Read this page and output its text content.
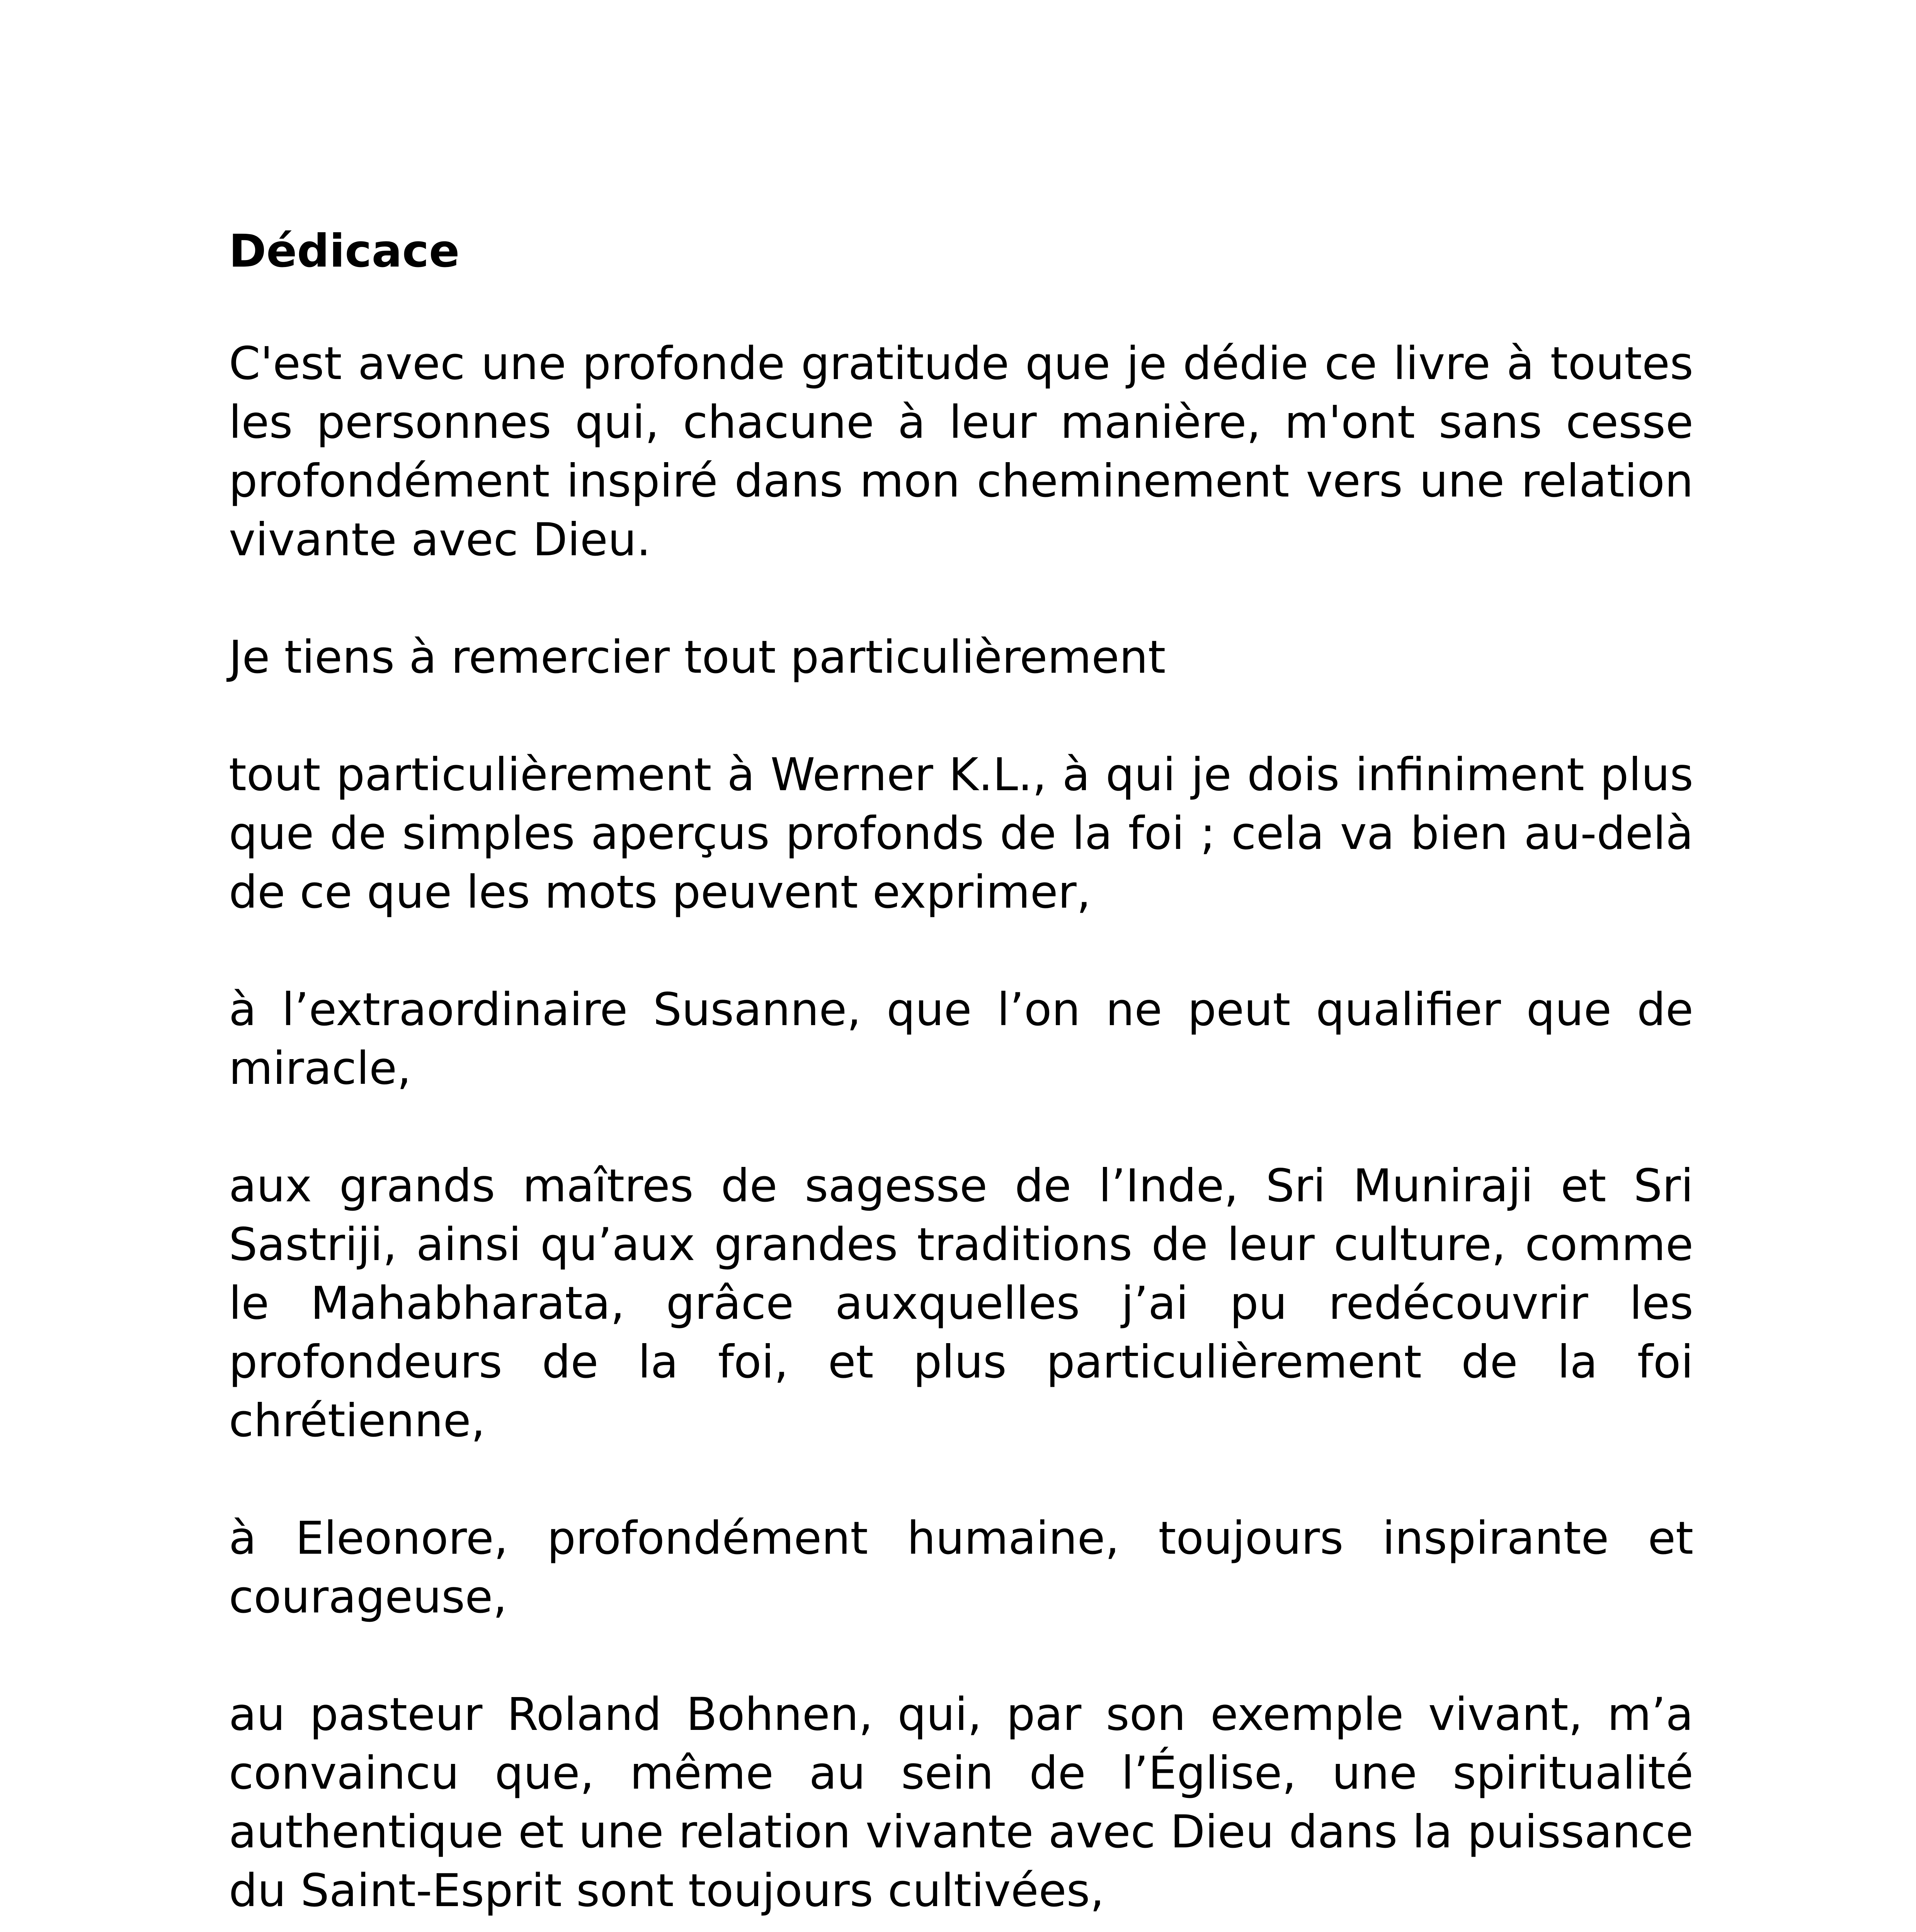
Dédicace

C'est avec une profonde gratitude que je dédie ce livre à toutes les personnes qui, chacune à leur manière, m'ont sans cesse profondément inspiré dans mon cheminement vers une relation vivante avec Dieu.

Je tiens à remercier tout particulièrement

tout particulièrement à Werner K.L., à qui je dois infiniment plus que de simples aperçus profonds de la foi ; cela va bien au-delà de ce que les mots peuvent exprimer,

à l’extraordinaire Susanne, que l’on ne peut qualifier que de miracle,

aux grands maîtres de sagesse de l’Inde, Sri Muniraji et Sri Sastriji, ainsi qu’aux grandes traditions de leur culture, comme le Mahabharata, grâce auxquelles j’ai pu redécouvrir les profondeurs de la foi, et plus particulièrement de la foi chrétienne,

à Eleonore, profondément humaine, toujours inspirante et courageuse,

au pasteur Roland Bohnen, qui, par son exemple vivant, m’a convaincu que, même au sein de l’Église, une spiritualité authentique et une relation vivante avec Dieu dans la puissance du Saint-Esprit sont toujours cultivées,
